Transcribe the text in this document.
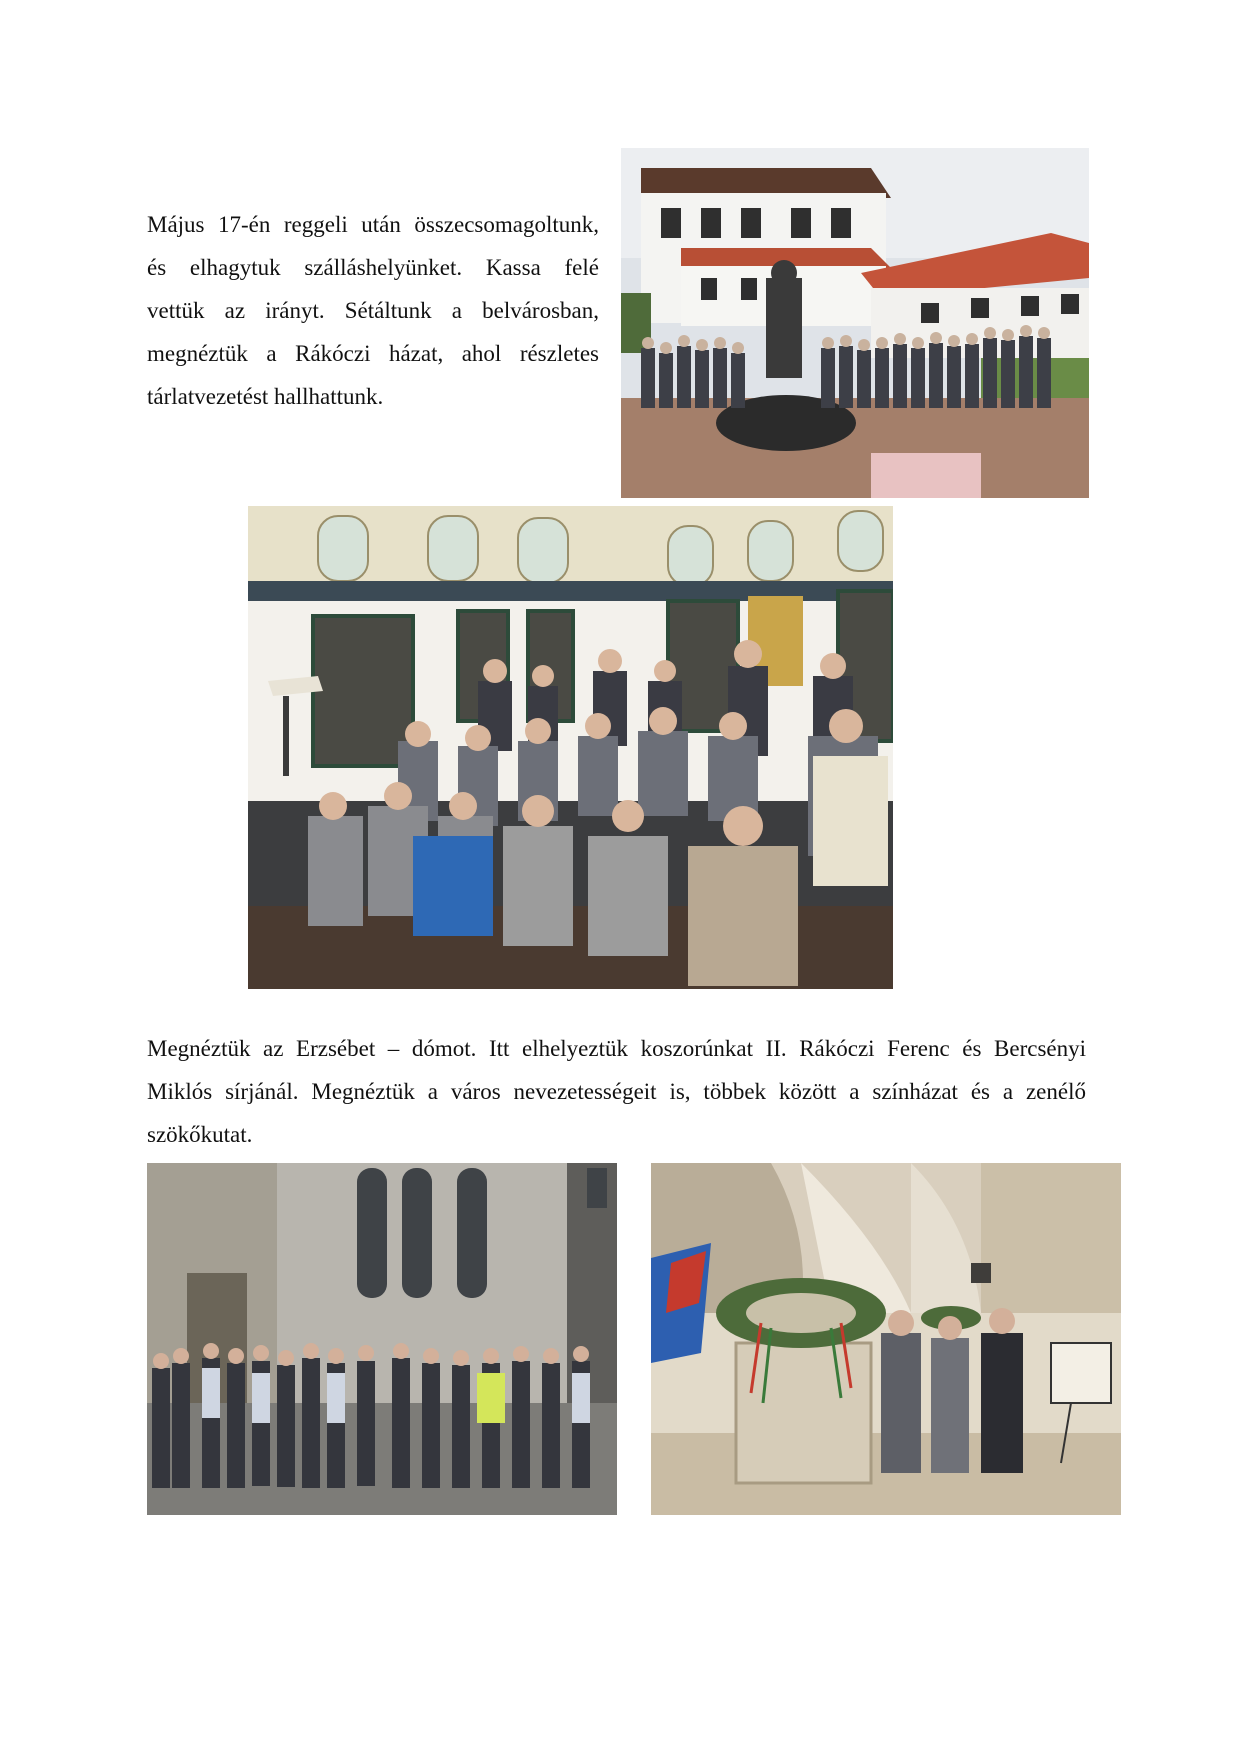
Május 17-én reggeli után összecsomagoltunk,
és elhagytuk szálláshelyünket. Kassa felé
vettük az irányt. Sétáltunk a belvárosban,
megnéztük a Rákóczi házat, ahol részletes
tárlatvezetést hallhattunk.
Megnéztük az Erzsébet – dómot. Itt elhelyeztük koszorúnkat II. Rákóczi Ferenc és Bercsényi
Miklós sírjánál. Megnéztük a város nevezetességeit is, többek között a színházat és a zenélő
szökőkutat.
